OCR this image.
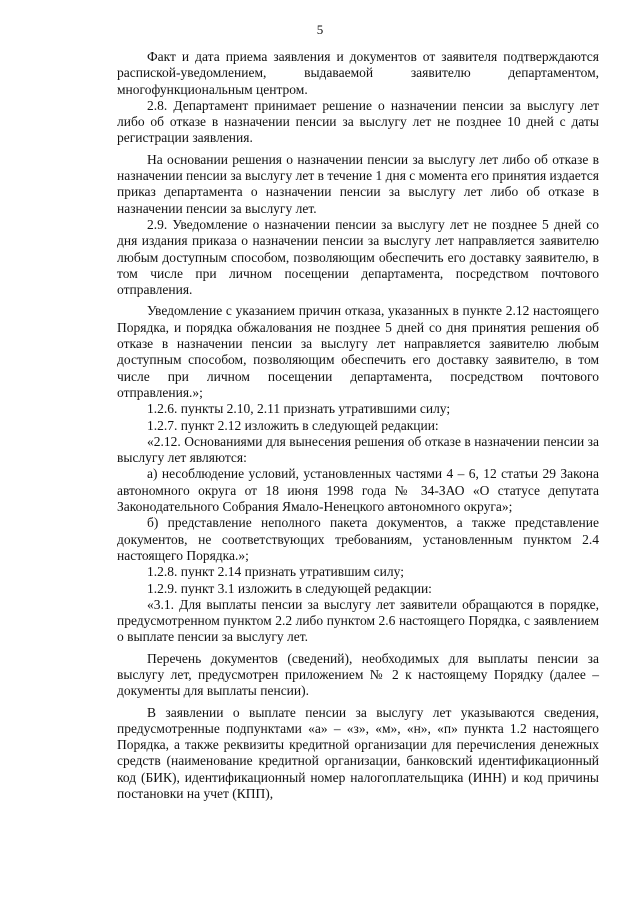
5

Факт и дата приема заявления и документов от заявителя подтверждаются распиской-уведомлением, выдаваемой заявителю департаментом, многофункциональным центром.

2.8. Департамент принимает решение о назначении пенсии за выслугу лет либо об отказе в назначении пенсии за выслугу лет не позднее 10 дней с даты регистрации заявления.

На основании решения о назначении пенсии за выслугу лет либо об отказе в назначении пенсии за выслугу лет в течение 1 дня с момента его принятия издается приказ департамента о назначении пенсии за выслугу лет либо об отказе в назначении пенсии за выслугу лет.

2.9. Уведомление о назначении пенсии за выслугу лет не позднее 5 дней со дня издания приказа о назначении пенсии за выслугу лет направляется заявителю любым доступным способом, позволяющим обеспечить его доставку заявителю, в том числе при личном посещении департамента, посредством почтового отправления.

Уведомление с указанием причин отказа, указанных в пункте 2.12 настоящего Порядка, и порядка обжалования не позднее 5 дней со дня принятия решения об отказе в назначении пенсии за выслугу лет направляется заявителю любым доступным способом, позволяющим обеспечить его доставку заявителю, в том числе при личном посещении департамента, посредством почтового отправления.»;

1.2.6. пункты 2.10, 2.11 признать утратившими силу;

1.2.7. пункт 2.12 изложить в следующей редакции:

«2.12. Основаниями для вынесения решения об отказе в назначении пенсии за выслугу лет являются:

а) несоблюдение условий, установленных частями 4 – 6, 12 статьи 29 Закона автономного округа от 18 июня 1998 года № 34-ЗАО «О статусе депутата Законодательного Собрания Ямало-Ненецкого автономного округа»;

б) представление неполного пакета документов, а также представление документов, не соответствующих требованиям, установленным пунктом 2.4 настоящего Порядка.»;

1.2.8. пункт 2.14 признать утратившим силу;

1.2.9. пункт 3.1 изложить в следующей редакции:

«3.1. Для выплаты пенсии за выслугу лет заявители обращаются в порядке, предусмотренном пунктом 2.2 либо пунктом 2.6 настоящего Порядка, с заявлением о выплате пенсии за выслугу лет.

Перечень документов (сведений), необходимых для выплаты пенсии за выслугу лет, предусмотрен приложением № 2 к настоящему Порядку (далее – документы для выплаты пенсии).

В заявлении о выплате пенсии за выслугу лет указываются сведения, предусмотренные подпунктами «а» – «з», «м», «н», «п» пункта 1.2 настоящего Порядка, а также реквизиты кредитной организации для перечисления денежных средств (наименование кредитной организации, банковский идентификационный код (БИК), идентификационный номер налогоплательщика (ИНН) и код причины постановки на учет (КПП),
